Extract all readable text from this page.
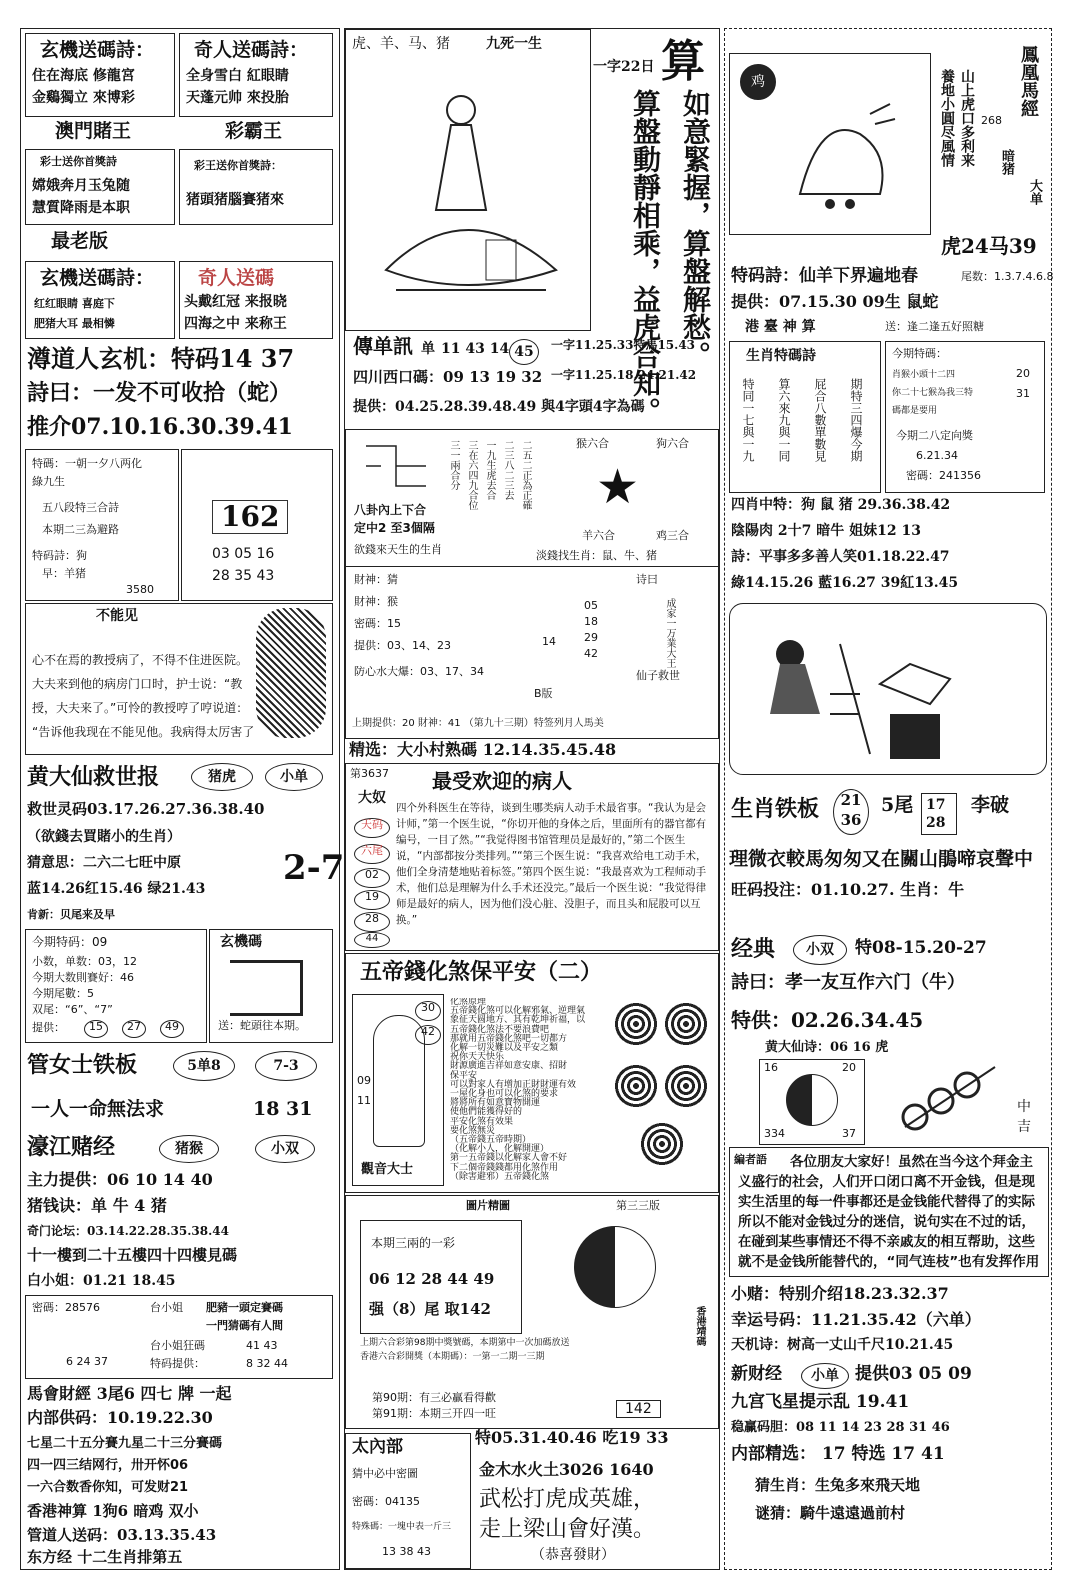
玄機送碼詩：
住在海底 修龍宮
金鷄獨立 來博彩
奇人送碼詩：
全身雪白 紅眼睛
天蓬元帅 來投胎
澳門賭王	彩霸王
彩士送你首獎詩
嫦娥奔月玉兔随
慧質降雨是本职
彩王送你首獎詩：
猪頭猪腦賽猪來
最老版
玄機送碼詩：
红红眼睛 喜庭下
肥猪大耳 最相憐
奇人送碼
头戴红冠 来报晓
四海之中 来称王
澊道人玄机：特码14 37
詩曰：一发不可收拾（蛇）
推介07.10.16.30.39.41
特碼：一朝一夕八两化
綠九生
五八段特三合詩
本期二三為避路
特码詩：狗
早：羊猪
3580
162
03 05 16
28 35 43
不能见
心不在焉的教授病了，不得不住进医院。
大夫来到他的病房门口时，护士说：“教
授，大夫来了。”可怜的教授哼了哼说道：
“告诉他我现在不能见他。我病得太厉害了
黄大仙救世报	猪虎	小单
救世灵码03.17.26.27.36.38.40
（欲錢去買賭小的生肖）
猜意思：二六二七旺中原
蓝14.26红15.46 绿21.43
2-7
肯新：贝尾来及早
今期特码：09
小数，单数：03，12
今期大数則賽好：46
今期尾數：5
双尾：“6”、“7”
提供：	15	27	49
玄機碼
送：蛇頭往本期。
管女士铁板	5单8	7-3
一人一命無法求	18 31
濠江赌经	猪猴	小双
主力提供：06 10 14 40
猪钱诀：单 牛 4 猪
奇门论坛：03.14.22.28.35.38.44
十一樓到二十五樓四十四樓見碼
白小姐：01.21 18.45
密碼：28576	台小姐 肥豬一頭定賽碼
一門猜碼有人間
台小姐狂碼	41 43
6 24 37	特码提供：	8 32 44
馬會財經 3尾6 四七 牌 一起
内部供码：10.19.22.30
七星二十五分賽九星二十三分賽碼
四一四三结网行，卅开怀06
一六合数香你知，可发财21
香港神算 1狗6 暗鸡 双小
管道人送码：03.13.35.43
东方经 十二生肖排第五
虎、羊、马、猪	九死一生	算
一字22日
如意緊握，算盤解愁。
算盤動靜相乘，益虎合知。
傳单訊 单 11 43 14 45	一字11.25.33特馬15.43
四川西口碼：09 13 19 32 一字11.25.18.24.21.42
提供：04.25.28.39.48.49 與4字頭4字為碼
八卦內上下合
定中2 至3個隔
欲錢來天生的生肖
三一兩合分 三在六四九合位 一九生虎去合 二三八二三去 二五二正為正確	猴六合	狗六合
★
羊六合	鸡三合
淡錢找生肖：鼠、牛、猪
財神：猜
財神：猴
密碼：15
提供：03、14、23
防心水大爆：03、17、34
05
18
29
42
14
B版
诗曰
成家一万業大王
仙子救世
上期提供：20 財神：41 （第九十三期）特签列月人馬美
精选：大小村熟碼 12.14.35.45.48
第3637
大奴
天码
六尾
02
19
28
44
最受欢迎的病人
四个外科医生在等待，谈到生哪类病人动手术最省事。“我认为是会计师，”第一个医生说，“你切开他的身体之后，里面所有的器官都有编号，一目了然。”“我觉得图书馆管理员是最好的，”第二个医生说，“内部都按分类排列。”“第三个医生说：“我喜欢给电工动手术，他们全身清楚地贴着标签。”第四个医生说：“我最喜欢为工程师动手术，他们总是理解为什么手术还没完。”最后一个医生说：“我觉得律师是最好的病人，因为他们没心脏、没胆子，而且头和屁股可以互换。”
五帝錢化煞保平安（二）
30
42
09
11
觀音大士
化煞原理
五帝錢化煞可以化解邪氣、逆理氣
象征天圆地方、其有乾坤祈福，以
五帝錢化煞法不要浪費吧
那就用五帝錢化煞吧一切都方
化解一切災難以及平安之類
祝你天天快乐
財源廣進吉祥如意安康、招財
保平安
可以對家人有增加正財財運有效
一屋化身也可以化煞的要求
將將所有如意寶物開運
使他們能獲得好的
平安化煞有效果
要化煞無災
（五帝錢五帝時期）
（化解小人，化解開運）
第一五帝錢以化解家人會不好
下二個帝錢錢都用化煞作用
（除害避邪）五帝錢化煞
圖片精圖	第三三版
本期三兩的一彩
06 12 28 44 49
强（8）尾 取142
上期六合彩第98期中獎號碼，本期第中一次加碼放送
香港六合彩開獎（本期碼）：一第一二期一三期
第90期：有三必贏看得歡
第91期：本期三开四一旺	142
香港靖碼
太內部
猜中必中密圖
密碼：04135
特殊碼：一塊中表一斤三
13 38 43
特05.31.40.46 吃19 33
金木水火土3026 1640
武松打虎成英雄，
走上梁山會好漢。
（恭喜發財）
鸡	鳳凰馬經
山上虎口多利来
養地小圓尽風情 268
暗猪
大单
虎24马39
特码詩：仙羊下界遍地春	尾数：1.3.7.4.6.8
提供：07.15.30 09生 鼠蛇
港 臺 神 算	送：逢二逢五好照糖
生肖特碼詩
特同一七與一九 算六來九與一同 屁合八數單數見 期特三四爆今期
今期特碼：
20
31
肖猴小頭十二四
你二十七猴為我三特
碼都是要用
今期二八定向獎
6.21.34
密碼：241356
四肖中特：狗 鼠 猪 29.36.38.42
陰陽肉 2十7 暗牛 姐妹12 13
詩：平事多多善人笑01.18.22.47
綠14.15.26 藍16.27 39紅13.45
生肖铁板	21 36
5尾 17 28
李破
理微衣較馬匆匆又在關山鵑啼哀聲中
旺码投注：01.10.27. 生肖：牛
经典	小双	特08-15.20-27
詩曰：孝一友互作六门（牛）
特供：02.26.34.45
黄大仙诗：06 16 虎
16	20
334	37
中
吉
編者語	各位朋友大家好！虽然在当今这个拜金主义盛行的社会，人们开口闭口离不开金钱，但是现实生活里的每一件事都还是金钱能代替得了的实际所以不能对金钱过分的迷信，说句实在不过的话，在碰到某些事情还不得不亲戚友的相互帮助，这些就不是金钱所能替代的，“同气连枝”也有发挥作用
小赌：特别介绍18.23.32.37
幸运号码：11.21.35.42（六单）
天机诗：树高一丈山千尺10.21.45
新财经	小单 提供03 05 09
九宫飞星提示乱 19.41
稳赢码胆：08 11 14 23 28 31 46
内部精选： 17 特选 17 41
猜生肖：生兔多來飛天地
谜猜：騎牛遠遠過前村
